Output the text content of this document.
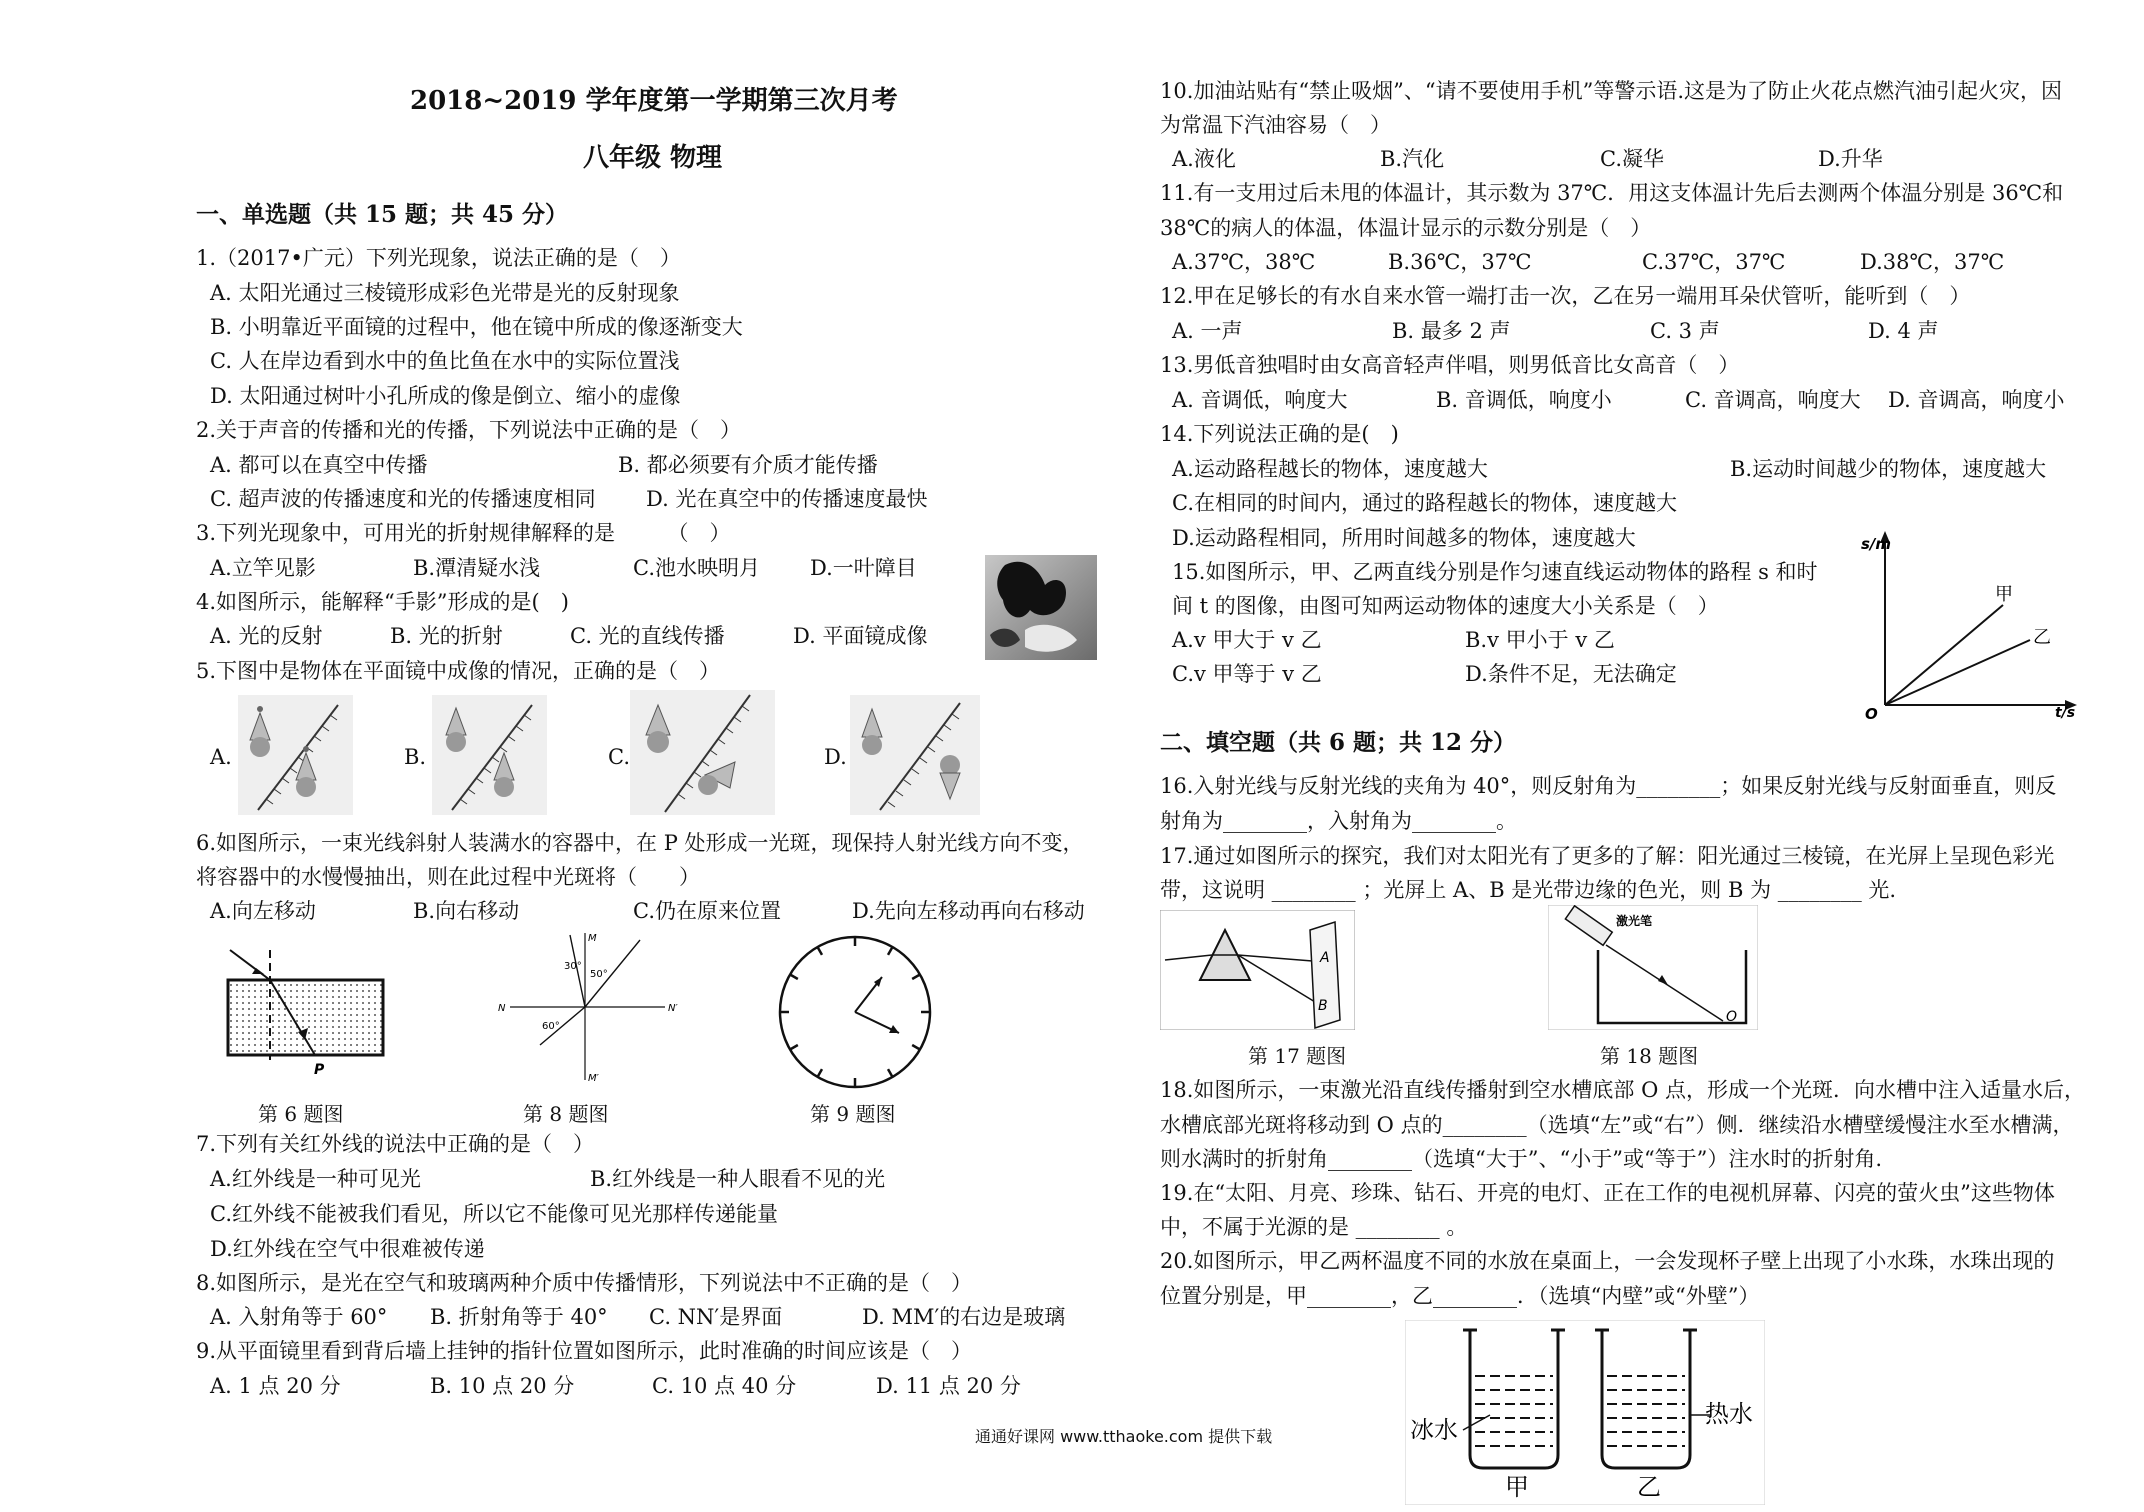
2018~2019 学年度第一学期第三次月考
八年级 物理
一、单选题（共 15 题；共 45 分）
1.（2017•广元）下列光现象，说法正确的是（　）
A. 太阳光通过三棱镜形成彩色光带是光的反射现象
B. 小明靠近平面镜的过程中，他在镜中所成的像逐渐变大
C. 人在岸边看到水中的鱼比鱼在水中的实际位置浅
D. 太阳通过树叶小孔所成的像是倒立、缩小的虚像
2.关于声音的传播和光的传播，下列说法中正确的是（　）
A. 都可以在真空中传播	B. 都必须要有介质才能传播
C. 超声波的传播速度和光的传播速度相同 D. 光在真空中的传播速度最快
3.下列光现象中，可用光的折射规律解释的是　　　（　）
A.立竿见影	B.潭清疑水浅	C.池水映明月 D.一叶障目
4.如图所示，能解释“手影”形成的是(　)
A. 光的反射	B. 光的折射	C. 光的直线传播	D. 平面镜成像
5.下图中是物体在平面镜中成像的情况，正确的是（　）
A.	B.	C.	D.
6.如图所示，一束光线斜射人装满水的容器中，在 P 处形成一光斑，现保持人射光线方向不变，
将容器中的水慢慢抽出，则在此过程中光斑将（　　）
A.向左移动	B.向右移动	C.仍在原来位置	D.先向左移动再向右移动
P
第 6 题图
M
M′
N	N′
30°
50°
60°
第 8 题图	第 9 题图
7.下列有关红外线的说法中正确的是（　）
A.红外线是一种可见光	B.红外线是一种人眼看不见的光
C.红外线不能被我们看见，所以它不能像可见光那样传递能量
D.红外线在空气中很难被传递
8.如图所示，是光在空气和玻璃两种介质中传播情形，下列说法中不正确的是（　）
A. 入射角等于 60° B. 折射角等于 40° C. NN′是界面	D. MM′的右边是玻璃
9.从平面镜里看到背后墙上挂钟的指针位置如图所示，此时准确的时间应该是（　）
A. 1 点 20 分	B. 10 点 20 分	C. 10 点 40 分	D. 11 点 20 分
10.加油站贴有“禁止吸烟”、“请不要使用手机”等警示语.这是为了防止火花点燃汽油引起火灾，因
为常温下汽油容易（　）
A.液化	B.汽化	C.凝华	D.升华
11.有一支用过后未甩的体温计，其示数为 37℃．用这支体温计先后去测两个体温分别是 36℃和
38℃的病人的体温，体温计显示的示数分别是（　）
A.37℃，38℃	B.36℃，37℃	C.37℃，37℃	D.38℃，37℃
12.甲在足够长的有水自来水管一端打击一次，乙在另一端用耳朵伏管听，能听到（　）
A. 一声	B. 最多 2 声	C. 3 声	D. 4 声
13.男低音独唱时由女高音轻声伴唱，则男低音比女高音（　）
A. 音调低，响度大	B. 音调低，响度小	C. 音调高，响度大 D. 音调高，响度小
14.下列说法正确的是(　)
A.运动路程越长的物体，速度越大	B.运动时间越少的物体，速度越大
C.在相同的时间内，通过的路程越长的物体，速度越大
D.运动路程相同，所用时间越多的物体，速度越大
15.如图所示，甲、乙两直线分别是作匀速直线运动物体的路程 s 和时
间 t 的图像，由图可知两运动物体的速度大小关系是（　）
A.v 甲大于 v 乙	B.v 甲小于 v 乙
C.v 甲等于 v 乙	D.条件不足，无法确定
s/m
t/s
O
甲
乙
二、填空题（共 6 题；共 12 分）
16.入射光线与反射光线的夹角为 40°，则反射角为________；如果反射光线与反射面垂直，则反
射角为________，入射角为________。
17.通过如图所示的探究，我们对太阳光有了更多的了解：阳光通过三棱镜，在光屏上呈现色彩光
带，这说明 ________ ；光屏上 A、B 是光带边缘的色光，则 B 为 ________ 光.
A
B
第 17 题图
激光笔
O
第 18 题图
18.如图所示，一束激光沿直线传播射到空水槽底部 O 点，形成一个光斑．向水槽中注入适量水后，
水槽底部光斑将移动到 O 点的________（选填“左”或“右”）侧．继续沿水槽壁缓慢注水至水槽满，
则水满时的折射角________（选填“大于”、“小于”或“等于”）注水时的折射角.
19.在“太阳、月亮、珍珠、钻石、开亮的电灯、正在工作的电视机屏幕、闪亮的萤火虫”这些物体
中，不属于光源的是 ________ 。
20.如图所示，甲乙两杯温度不同的水放在桌面上，一会发现杯子壁上出现了小水珠，水珠出现的
位置分别是，甲________，乙________．（选填“内壁”或“外壁”）
冰水
热水
甲	乙
通通好课网 www.tthaoke.com 提供下载
